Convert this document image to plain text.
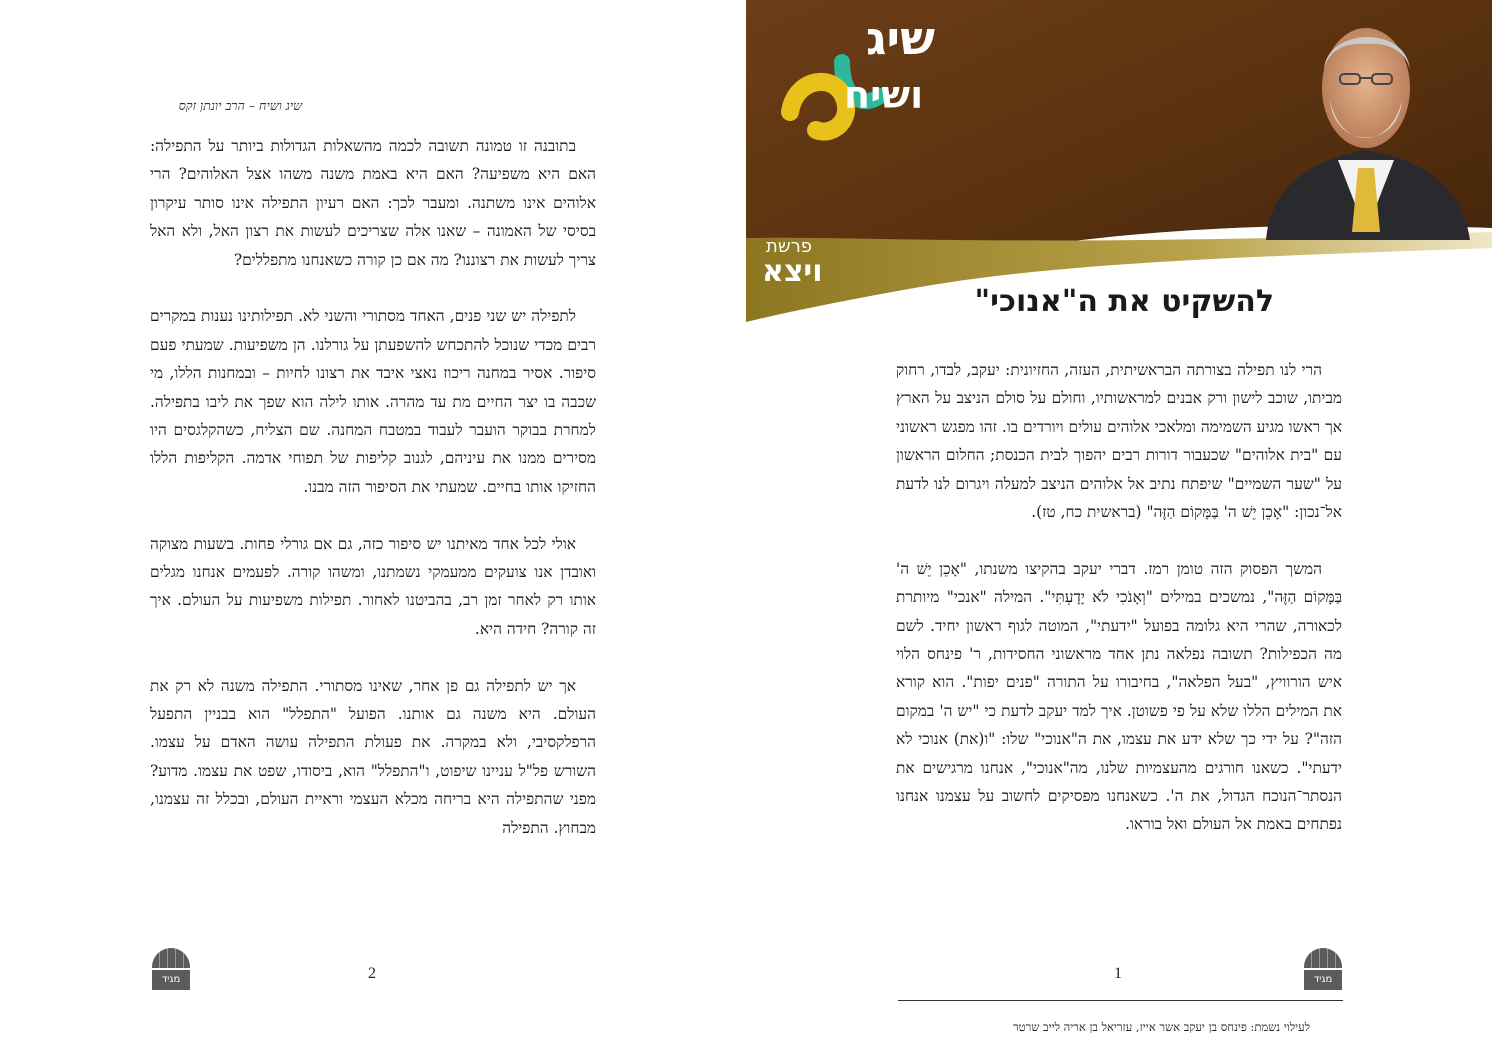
שיג ושיח – הרב יונתן זקס

בתובנה זו טמונה תשובה לכמה מהשאלות הגדולות ביותר על התפילה: האם היא משפיעה? האם היא באמת משנה משהו אצל האלוהים? הרי אלוהים אינו משתנה. ומעבר לכך: האם רעיון התפילה אינו סותר עיקרון בסיסי של האמונה – שאנו אלה שצריכים לעשות את רצון האל, ולא האל צריך לעשות את רצוננו? מה אם כן קורה כשאנחנו מתפללים?

לתפילה יש שני פנים, האחד מסתורי והשני לא. תפילותינו נענות במקרים רבים מכדי שנוכל להתכחש להשפעתן על גורלנו. הן משפיעות. שמעתי פעם סיפור. אסיר במחנה ריכוז נאצי איבד את רצונו לחיות – ובמחנות הללו, מי שכבה בו יצר החיים מת עד מהרה. אותו לילה הוא שפך את ליבו בתפילה. למחרת בבוקר הועבר לעבוד במטבח המחנה. שם הצליח, כשהקלגסים היו מסירים ממנו את עיניהם, לגנוב קליפות של תפוחי אדמה. הקליפות הללו החזיקו אותו בחיים. שמעתי את הסיפור הזה מבנו.

אולי לכל אחד מאיתנו יש סיפור כזה, גם אם גורלי פחות. בשעות מצוקה ואובדן אנו צועקים ממעמקי נשמתנו, ומשהו קורה. לפעמים אנחנו מגלים אותו רק לאחר זמן רב, בהביטנו לאחור. תפילות משפיעות על העולם. איך זה קורה? חידה היא.

אך יש לתפילה גם פן אחר, שאינו מסתורי. התפילה משנה לא רק את העולם. היא משנה גם אותנו. הפועל "התפלל" הוא בבניין התפעל הרפלקסיבי, ולא במקרה. את פעולת התפילה עושה האדם על עצמו. השורש פל"ל עניינו שיפוט, ו"התפלל" הוא, ביסודו, שפט את עצמו. מדוע? מפני שהתפילה היא בריחה מכלא העצמי וראיית העולם, ובכלל זה עצמנו, מבחוץ. התפילה

מגיד	2
שיג
ושיח
פרשת
ויצא
להשקיט את ה"אנוכי"

הרי לנו תפילה בצורתה הבראשיתית, העזה, החזיונית: יעקב, לבדו, רחוק מביתו, שוכב לישון ורק אבנים למראשותיו, וחולם על סולם הניצב על הארץ אך ראשו מגיע השמימה ומלאכי אלוהים עולים ויורדים בו. זהו מפגש ראשוני עם "בית אלוהים" שכעבור דורות רבים יהפוך לבית הכנסת; החלום הראשון על "שער השמיים" שיפתח נתיב אל אלוהים הניצב למעלה ויגרום לנו לדעת אל־נכון: "אָכֵן יֵשׁ ה' בַּמָּקוֹם הַזֶּה" (בראשית כח, טז).

המשך הפסוק הזה טומן רמז. דברי יעקב בהקיצו משנתו, "אָכֵן יֵשׁ ה' בַּמָּקוֹם הַזֶּה", נמשכים במילים "וְאָנֹכִי לֹא יָדָעְתִּי". המילה "אנכי" מיותרת לכאורה, שהרי היא גלומה בפועל "ידעתי", המוטה לגוף ראשון יחיד. לשם מה הכפילות? תשובה נפלאה נתן אחד מראשוני החסידות, ר' פינחס הלוי איש הורוויץ, "בעל הפלאה", בחיבורו על התורה "פנים יפות". הוא קורא את המילים הללו שלא על פי פשוטן. איך למד יעקב לדעת כי "יש ה' במקום הזה"? על ידי כך שלא ידע את עצמו, את ה"אנוכי" שלו: "ו(את) אנוכי לא ידעתי". כשאנו חורגים מהעצמיות שלנו, מה"אנוכי", אנחנו מרגישים את הנסתר־הנוכח הגדול, את ה'. כשאנחנו מפסיקים לחשוב על עצמנו אנחנו נפתחים באמת אל העולם ואל בוראו.

1	מגיד
לעילוי נשמת: פינחס בן יעקב אשר אייז, עזריאל בן אריה לייב שרטר
